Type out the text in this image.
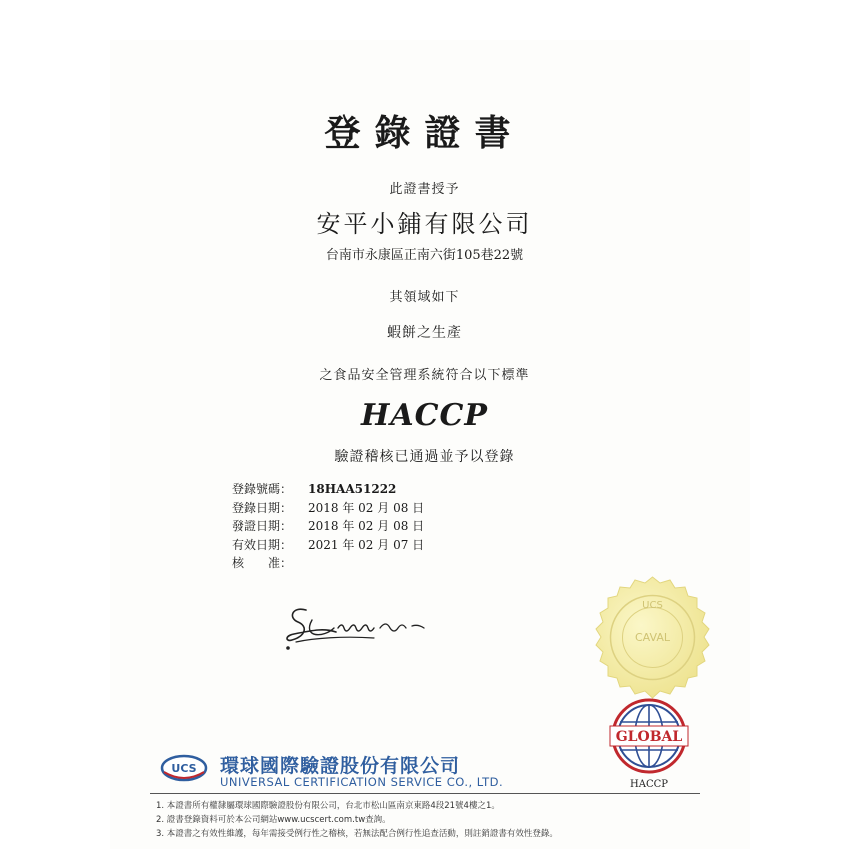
登錄證書
此證書授予
安平小鋪有限公司
台南市永康區正南六街105巷22號
其領域如下
蝦餅之生產
之食品安全管理系統符合以下標準
HACCP
驗證稽核已通過並予以登錄
登錄號碼： 18HAA51222
登錄日期： 2018 年 02 月 08 日
發證日期： 2018 年 02 月 08 日
有效日期： 2021 年 02 月 07 日
核　　准：
UCS
CAVAL
GLOBAL
HACCP
UCS 環球國際驗證股份有限公司
UNIVERSAL CERTIFICATION SERVICE CO., LTD.
1. 本證書所有權隸屬環球國際驗證股份有限公司，台北市松山區南京東路4段21號4樓之1。
2. 證書登錄資料可於本公司網站www.ucscert.com.tw查詢。
3. 本證書之有效性維護，每年需接受例行性之稽核，若無法配合例行性追查活動，則註銷證書有效性登錄。
